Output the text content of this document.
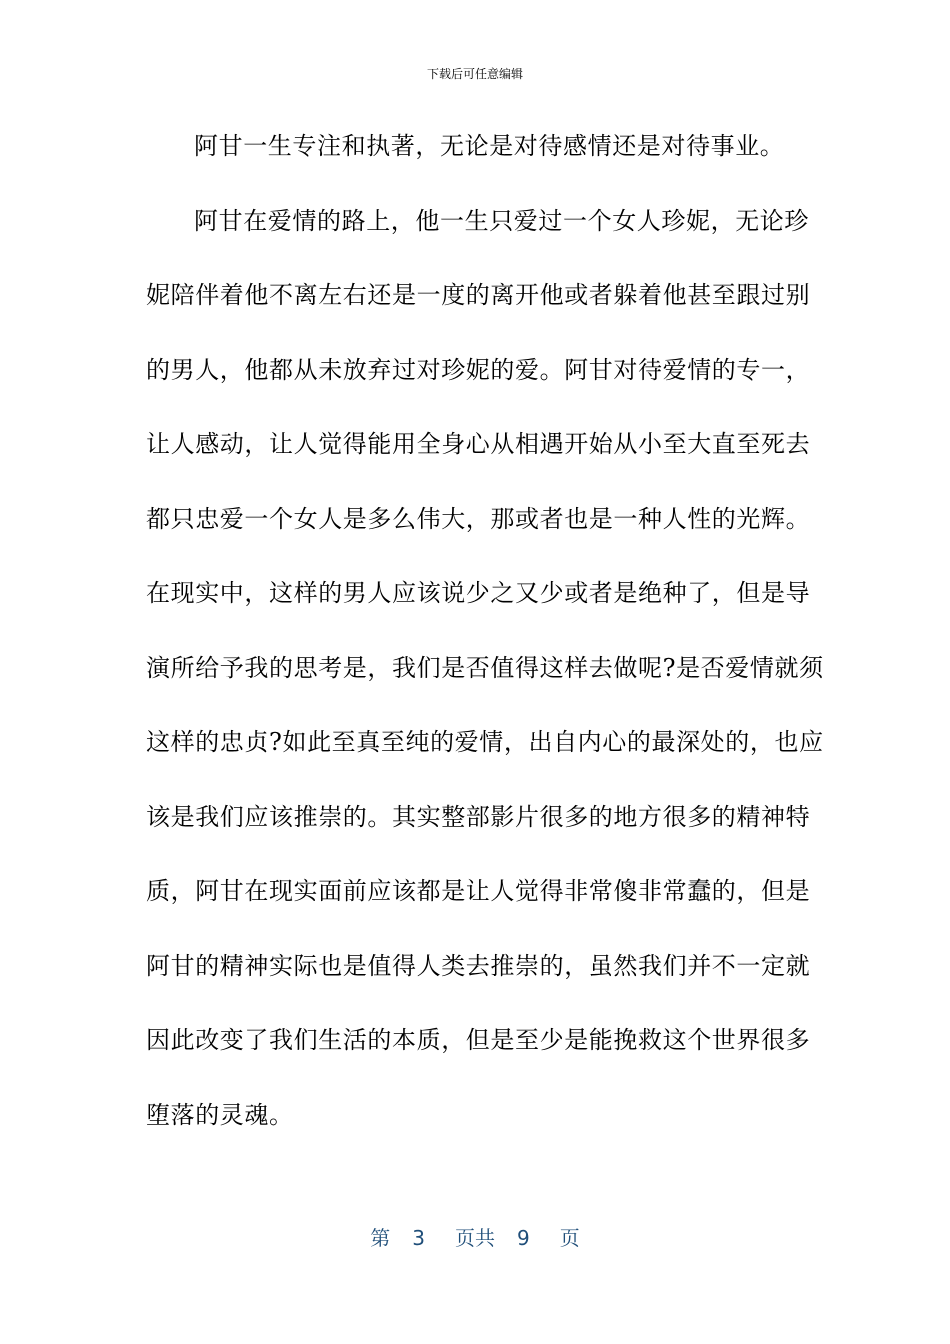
下载后可任意编辑
阿甘一生专注和执著，无论是对待感情还是对待事业。
阿甘在爱情的路上，他一生只爱过一个女人珍妮，无论珍
妮陪伴着他不离左右还是一度的离开他或者躲着他甚至跟过别
的男人，他都从未放弃过对珍妮的爱。阿甘对待爱情的专一，
让人感动，让人觉得能用全身心从相遇开始从小至大直至死去
都只忠爱一个女人是多么伟大，那或者也是一种人性的光辉。
在现实中，这样的男人应该说少之又少或者是绝种了，但是导
演所给予我的思考是，我们是否值得这样去做呢?是否爱情就须
这样的忠贞?如此至真至纯的爱情，出自内心的最深处的，也应
该是我们应该推崇的。其实整部影片很多的地方很多的精神特
质，阿甘在现实面前应该都是让人觉得非常傻非常蠢的，但是
阿甘的精神实际也是值得人类去推崇的，虽然我们并不一定就
因此改变了我们生活的本质，但是至少是能挽救这个世界很多
堕落的灵魂。
第 3 页共 9 页
